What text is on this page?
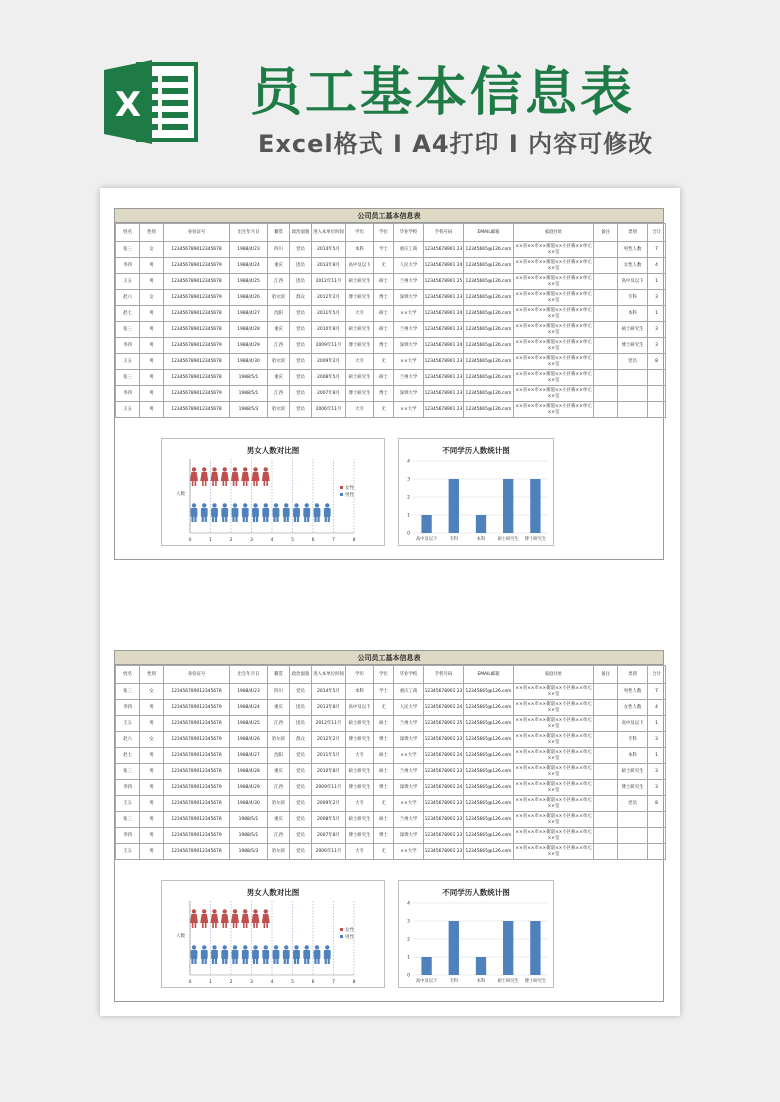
X 员工基本信息表
Excel格式 I A4打印 I 内容可修改
公司员工基本信息表
姓名	性别	身份证号	出生年月日	籍贯	政治面貌	进入本单位时间	学历	学位	毕业学校	手机号码	EMAIL邮箱	家庭住址	备注	类别	合计
张三	女	123456789012345678	1988/4/23	四川	党员	2014年5月	本科	学士	重庆工商	12345678901 23	12345665@126.com	××省××市××街道××小区栋××单元××室		男性人数	7
李四	男	123456789012345679	1988/4/24	重庆	团员	2013年8月	高中及以下	无	人民大学	12345678901 24	12345665@126.com	××省××市××街道××小区栋××单元××室		女性人数	4
王五	男	123456789012345678	1988/4/25	江西	团员	2012年11月	硕士研究生	硕士	兰州大学	12345678901 25	12345665@126.com	××省××市××街道××小区栋××单元××室		高中及以下	1
赵六	女	123456789012345679	1988/4/26	哈尔滨	群众	2012年2月	博士研究生	博士	深圳大学	12345678901 23	12345665@126.com	××省××市××街道××小区栋××单元××室		专科	3
赵七	男	123456789012345678	1988/4/27	沈阳	党员	2011年5月	大专	硕士	××大学	12345678901 24	12345665@126.com	××省××市××街道××小区栋××单元××室		本科	1
张三	男	123456789012345678	1988/4/28	重庆	党员	2010年8月	硕士研究生	硕士	兰州大学	12345678901 23	12345665@126.com	××省××市××街道××小区栋××单元××室		硕士研究生	3
李四	男	123456789012345679	1988/4/29	江西	党员	2009年11月	博士研究生	博士	深圳大学	12345678901 24	12345665@126.com	××省××市××街道××小区栋××单元××室		博士研究生	3
王五	男	123456789012345678	1988/4/30	哈尔滨	党员	2009年2月	大专	无	××大学	12345678901 23	12345665@126.com	××省××市××街道××小区栋××单元××室		党员	8
张三	男	123456789012345678	1988/5/1	重庆	党员	2008年5月	硕士研究生	硕士	兰州大学	12345678901 23	12345665@126.com	××省××市××街道××小区栋××单元××室			
李四	男	123456789012345679	1988/5/1	江西	党员	2007年8月	博士研究生	博士	深圳大学	12345678901 23	12345665@126.com	××省××市××街道××小区栋××单元××室			
王五	男	123456789012345678	1988/5/3	哈尔滨	党员	2006年11月	大专	无	××大学	12345678901 23	12345665@126.com	××省××市××街道××小区栋××单元××室			
男女人数对比图
人数
女性
男性
0	1	2	3	4	5	6	7	8
不同学历人数统计图
0
1
2
3
4
高中及以下	专科	本科	硕士研究生 博士研究生
公司员工基本信息表
姓名	性别	身份证号	出生年月日	籍贯	政治面貌	进入本单位时间	学历	学位	毕业学校	手机号码	EMAIL邮箱	家庭住址	备注	类别	合计
张三	女	123456789012345678	1988/4/23	四川	党员	2014年5月	本科	学士	重庆工商	12345678901 23	12345665@126.com	××省××市××街道××小区栋××单元××室		男性人数	7
李四	男	123456789012345679	1988/4/24	重庆	团员	2013年8月	高中及以下	无	人民大学	12345678901 24	12345665@126.com	××省××市××街道××小区栋××单元××室		女性人数	4
王五	男	123456789012345678	1988/4/25	江西	团员	2012年11月	硕士研究生	硕士	兰州大学	12345678901 25	12345665@126.com	××省××市××街道××小区栋××单元××室		高中及以下	1
赵六	女	123456789012345679	1988/4/26	哈尔滨	群众	2012年2月	博士研究生	博士	深圳大学	12345678901 23	12345665@126.com	××省××市××街道××小区栋××单元××室		专科	3
赵七	男	123456789012345678	1988/4/27	沈阳	党员	2011年5月	大专	硕士	××大学	12345678901 24	12345665@126.com	××省××市××街道××小区栋××单元××室		本科	1
张三	男	123456789012345678	1988/4/28	重庆	党员	2010年8月	硕士研究生	硕士	兰州大学	12345678901 23	12345665@126.com	××省××市××街道××小区栋××单元××室		硕士研究生	3
李四	男	123456789012345679	1988/4/29	江西	党员	2009年11月	博士研究生	博士	深圳大学	12345678901 24	12345665@126.com	××省××市××街道××小区栋××单元××室		博士研究生	3
王五	男	123456789012345678	1988/4/30	哈尔滨	党员	2009年2月	大专	无	××大学	12345678901 23	12345665@126.com	××省××市××街道××小区栋××单元××室		党员	8
张三	男	123456789012345678	1988/5/1	重庆	党员	2008年5月	硕士研究生	硕士	兰州大学	12345678901 23	12345665@126.com	××省××市××街道××小区栋××单元××室			
李四	男	123456789012345679	1988/5/1	江西	党员	2007年8月	博士研究生	博士	深圳大学	12345678901 23	12345665@126.com	××省××市××街道××小区栋××单元××室			
王五	男	123456789012345678	1988/5/3	哈尔滨	党员	2006年11月	大专	无	××大学	12345678901 23	12345665@126.com	××省××市××街道××小区栋××单元××室			
男女人数对比图
人数
女性
男性
0	1	2	3	4	5	6	7	8
不同学历人数统计图
0
1
2
3
4
高中及以下	专科	本科	硕士研究生 博士研究生
